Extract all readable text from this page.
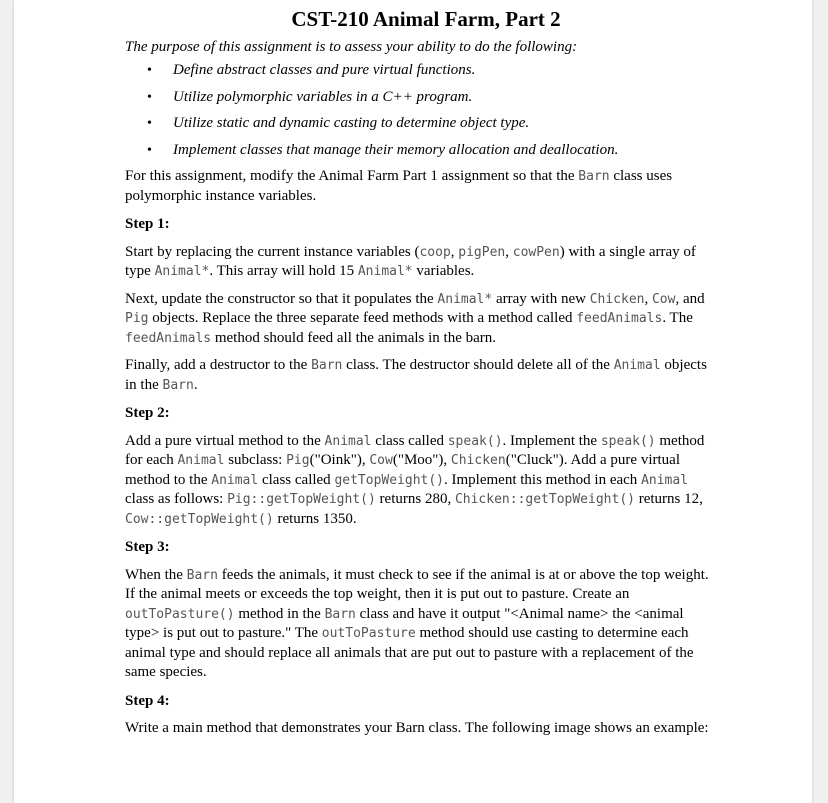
CST-210 Animal Farm, Part 2

The purpose of this assignment is to assess your ability to do the following:

• Define abstract classes and pure virtual functions.
• Utilize polymorphic variables in a C++ program.
• Utilize static and dynamic casting to determine object type.
• Implement classes that manage their memory allocation and deallocation.

For this assignment, modify the Animal Farm Part 1 assignment so that the Barn class uses polymorphic instance variables.

Step 1:

Start by replacing the current instance variables (coop, pigPen, cowPen) with a single array of type Animal*. This array will hold 15 Animal* variables.

Next, update the constructor so that it populates the Animal* array with new Chicken, Cow, and Pig objects. Replace the three separate feed methods with a method called feedAnimals. The feedAnimals method should feed all the animals in the barn.

Finally, add a destructor to the Barn class. The destructor should delete all of the Animal objects in the Barn.

Step 2:

Add a pure virtual method to the Animal class called speak(). Implement the speak() method for each Animal subclass: Pig("Oink"), Cow("Moo"), Chicken("Cluck"). Add a pure virtual method to the Animal class called getTopWeight(). Implement this method in each Animal class as follows: Pig::getTopWeight() returns 280, Chicken::getTopWeight() returns 12, Cow::getTopWeight() returns 1350.

Step 3:

When the Barn feeds the animals, it must check to see if the animal is at or above the top weight. If the animal meets or exceeds the top weight, then it is put out to pasture. Create an outToPasture() method in the Barn class and have it output "<Animal name> the <animal type> is put out to pasture." The outToPasture method should use casting to determine each animal type and should replace all animals that are put out to pasture with a replacement of the same species.

Step 4:

Write a main method that demonstrates your Barn class. The following image shows an example:
